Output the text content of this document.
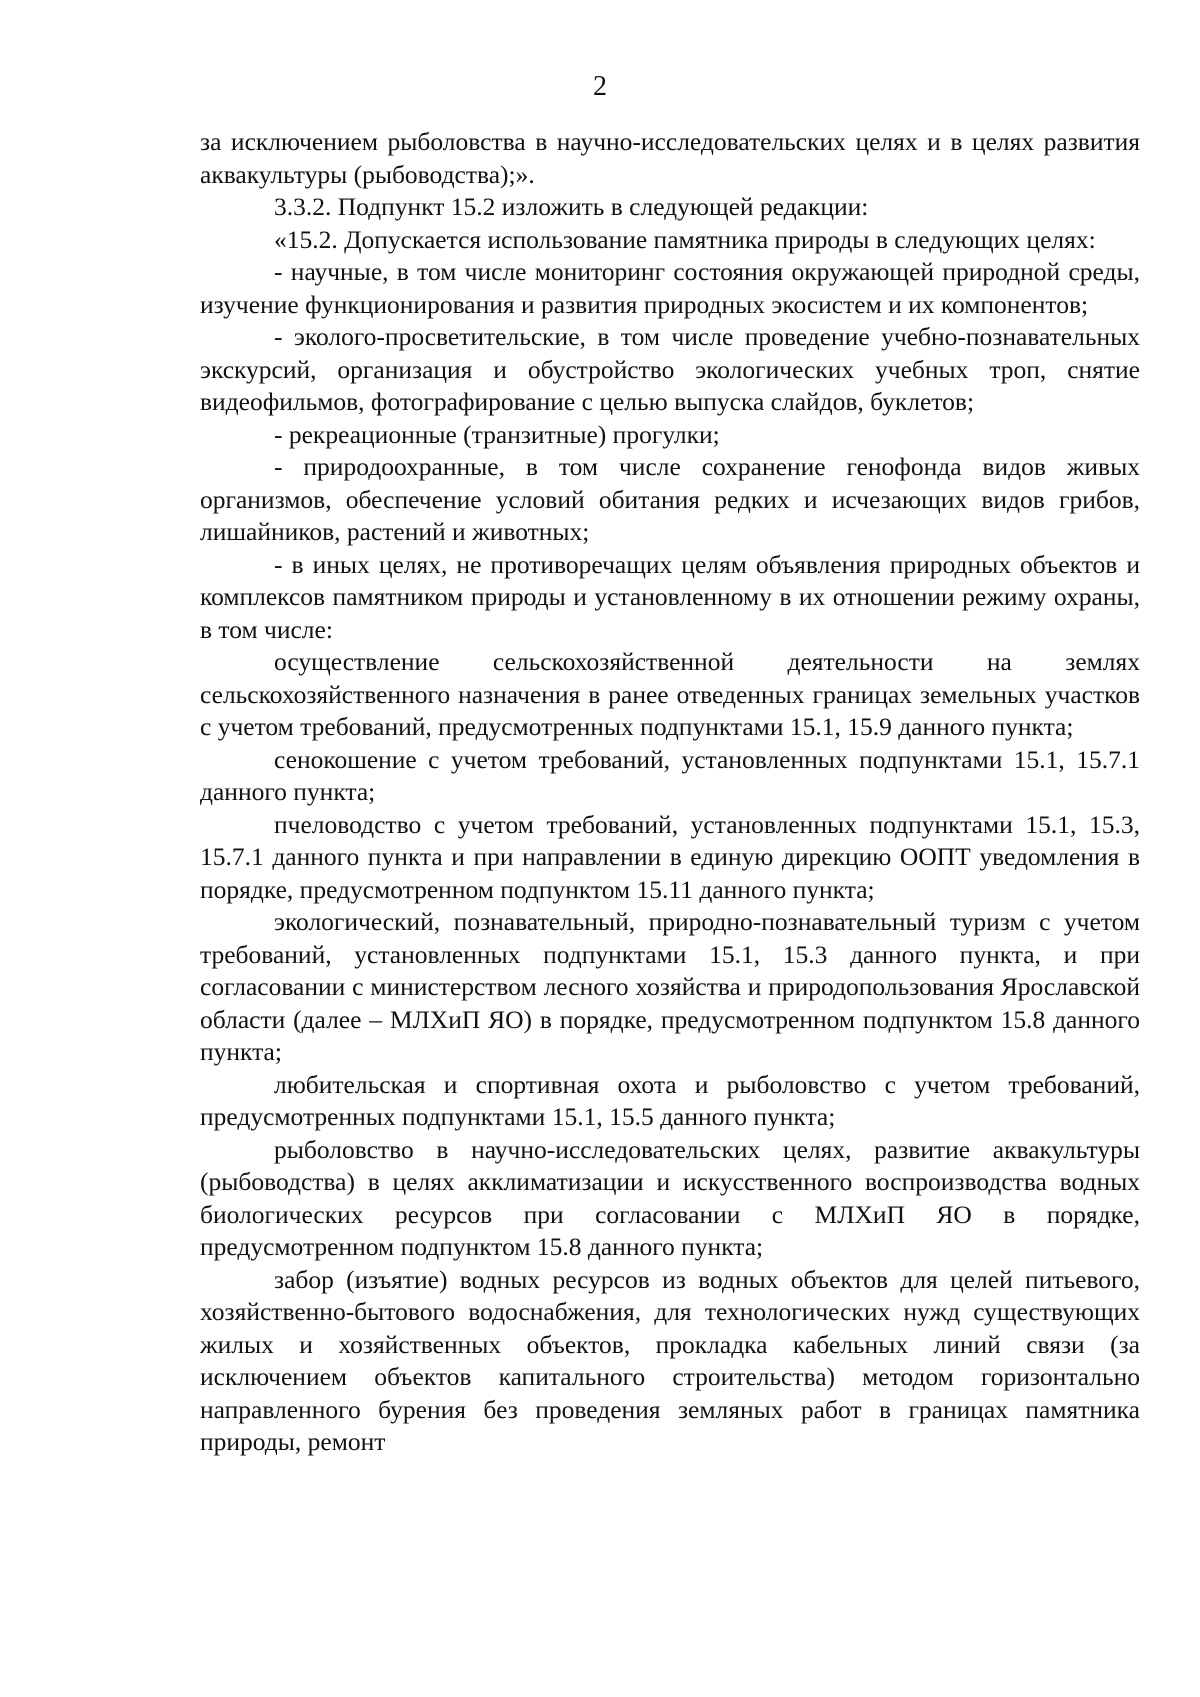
2

за исключением рыболовства в научно-исследовательских целях и в целях развития аквакультуры (рыбоводства);».

3.3.2. Подпункт 15.2 изложить в следующей редакции:

«15.2. Допускается использование памятника природы в следующих целях:

- научные, в том числе мониторинг состояния окружающей природной среды, изучение функционирования и развития природных экосистем и их компонентов;

- эколого-просветительские, в том числе проведение учебно-познавательных экскурсий, организация и обустройство экологических учебных троп, снятие видеофильмов, фотографирование с целью выпуска слайдов, буклетов;

- рекреационные (транзитные) прогулки;

- природоохранные, в том числе сохранение генофонда видов живых организмов, обеспечение условий обитания редких и исчезающих видов грибов, лишайников, растений и животных;

- в иных целях, не противоречащих целям объявления природных объектов и комплексов памятником природы и установленному в их отношении режиму охраны, в том числе:

осуществление сельскохозяйственной деятельности на землях сельскохозяйственного назначения в ранее отведенных границах земельных участков с учетом требований, предусмотренных подпунктами 15.1, 15.9 данного пункта;

сенокошение с учетом требований, установленных подпунктами 15.1, 15.7.1 данного пункта;

пчеловодство с учетом требований, установленных подпунктами 15.1, 15.3, 15.7.1 данного пункта и при направлении в единую дирекцию ООПТ уведомления в порядке, предусмотренном подпунктом 15.11 данного пункта;

экологический, познавательный, природно-познавательный туризм с учетом требований, установленных подпунктами 15.1, 15.3 данного пункта, и при согласовании с министерством лесного хозяйства и природопользования Ярославской области (далее – МЛХиП ЯО) в порядке, предусмотренном подпунктом 15.8 данного пункта;

любительская и спортивная охота и рыболовство с учетом требований, предусмотренных подпунктами 15.1, 15.5 данного пункта;

рыболовство в научно-исследовательских целях, развитие аквакультуры (рыбоводства) в целях акклиматизации и искусственного воспроизводства водных биологических ресурсов при согласовании с МЛХиП ЯО в порядке, предусмотренном подпунктом 15.8 данного пункта;

забор (изъятие) водных ресурсов из водных объектов для целей питьевого, хозяйственно-бытового водоснабжения, для технологических нужд существующих жилых и хозяйственных объектов, прокладка кабельных линий связи (за исключением объектов капитального строительства) методом горизонтально направленного бурения без проведения земляных работ в границах памятника природы, ремонт
